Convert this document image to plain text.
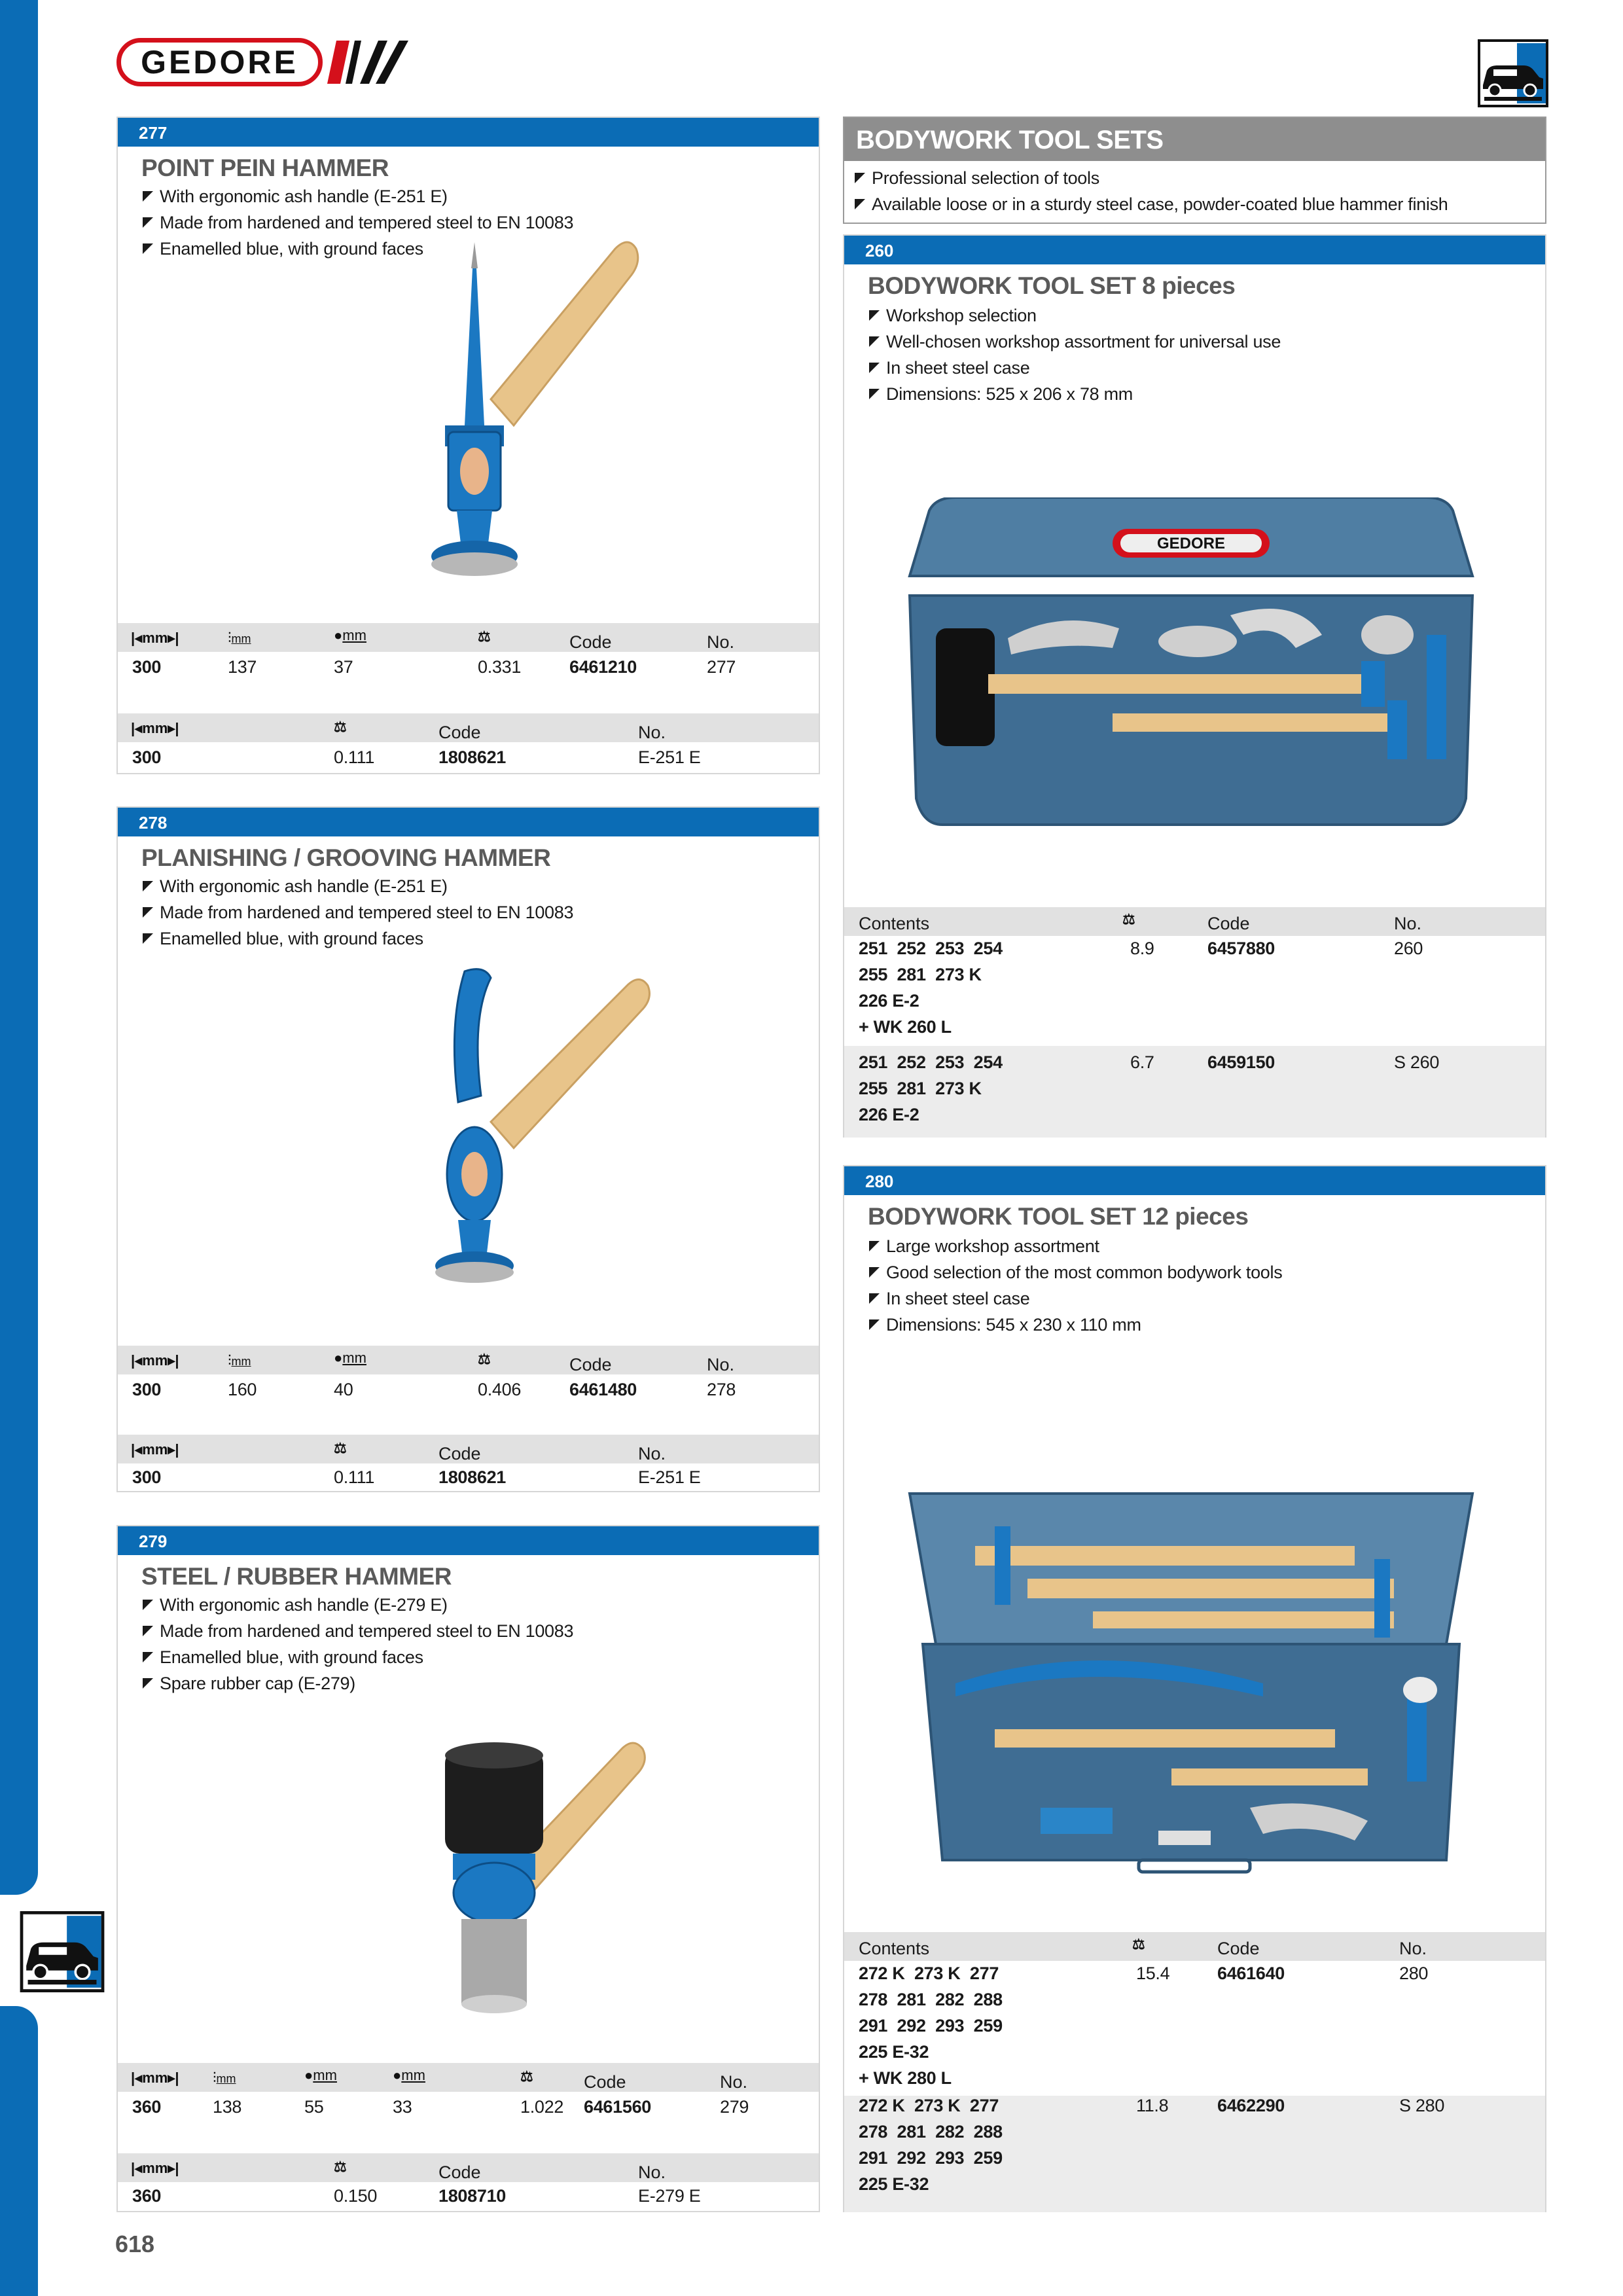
GEDORE
277
POINT PEIN HAMMER
With ergonomic ash handle (E-251 E)
Made from hardened and tempered steel to EN 10083
Enamelled blue, with ground faces
|◂mm▸|	⫶mm	●mm	⚖	Code	No.
300	137	37	0.331	6461210	277
|◂mm▸|	⚖	Code	No.
300	0.111	1808621	E-251 E
278
PLANISHING / GROOVING HAMMER
With ergonomic ash handle (E-251 E)
Made from hardened and tempered steel to EN 10083
Enamelled blue, with ground faces
|◂mm▸|	⫶mm	●mm	⚖	Code	No.
300	160	40	0.406	6461480	278
|◂mm▸|	⚖	Code	No.
300	0.111	1808621	E-251 E
279
STEEL / RUBBER HAMMER
With ergonomic ash handle (E-279 E)
Made from hardened and tempered steel to EN 10083
Enamelled blue, with ground faces
Spare rubber cap (E-279)
|◂mm▸| ⫶mm	●mm	●mm	⚖	Code	No.
360	138	55	33	1.022 6461560	279
|◂mm▸|	⚖	Code	No.
360	0.150	1808710	E-279 E
BODYWORK TOOL SETS
Professional selection of tools
Available loose or in a sturdy steel case, powder-coated blue hammer finish
260
BODYWORK TOOL SET 8 pieces
Workshop selection
Well-chosen workshop assortment for universal use
In sheet steel case
Dimensions: 525 x 206 x 78 mm
GEDORE
Contents	⚖	Code	No.
251  252  253  254
255  281  273 K
226 E-2
+ WK 260 L
8.9	6457880	260
251  252  253  254
255  281  273 K
226 E-2
6.7	6459150	S 260
280
BODYWORK TOOL SET 12 pieces
Large workshop assortment
Good selection of the most common bodywork tools
In sheet steel case
Dimensions: 545 x 230 x 110 mm
Contents	⚖	Code	No.
272 K  273 K  277
278  281  282  288
291  292  293  259
225 E-32
+ WK 280 L
15.4	6461640	280
272 K  273 K  277
278  281  282  288
291  292  293  259
225 E-32
11.8	6462290	S 280
618
